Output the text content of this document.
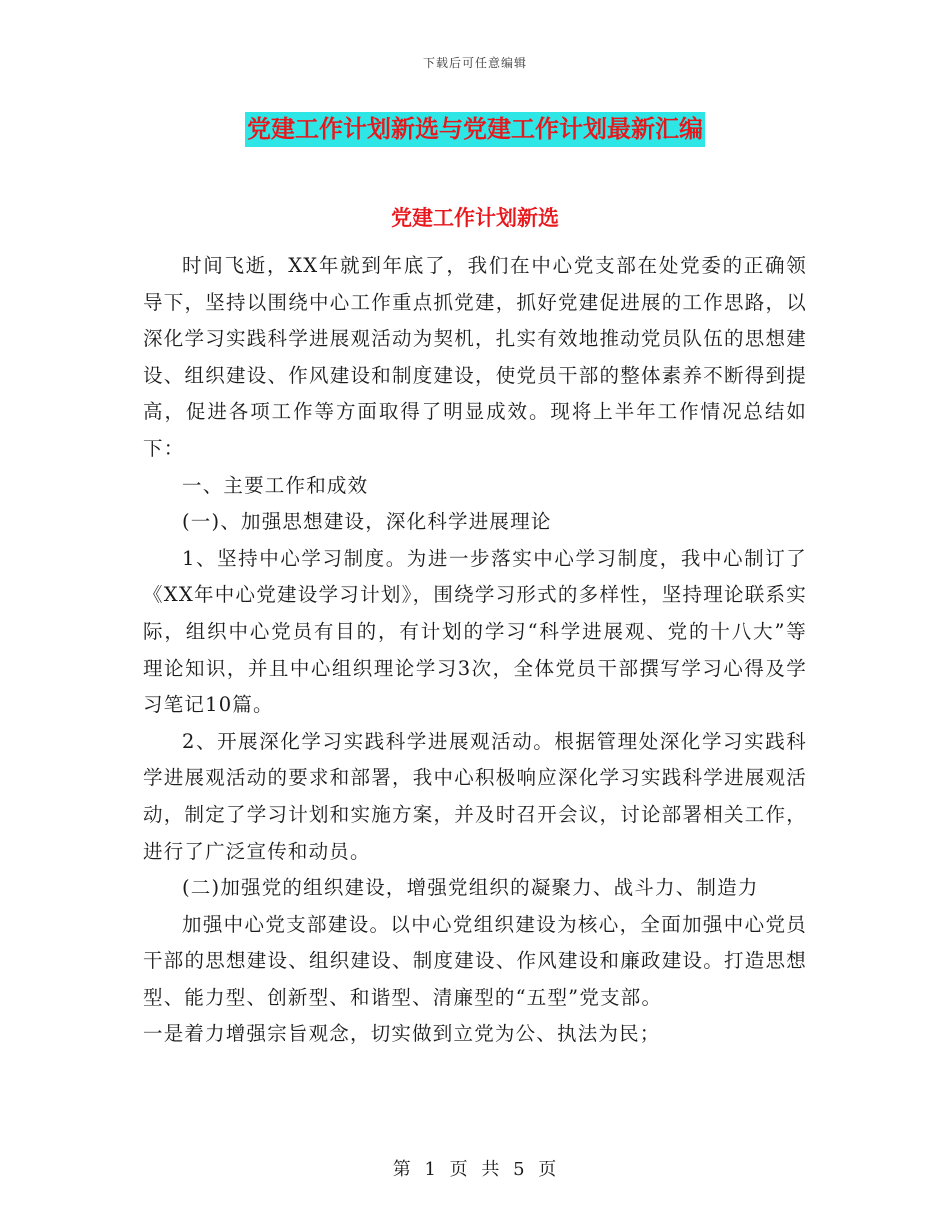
下载后可任意编辑
党建工作计划新选与党建工作计划最新汇编
党建工作计划新选

时间飞逝，XX年就到年底了，我们在中心党支部在处党委的正确领导下，坚持以围绕中心工作重点抓党建，抓好党建促进展的工作思路，以深化学习实践科学进展观活动为契机，扎实有效地推动党员队伍的思想建设、组织建设、作风建设和制度建设，使党员干部的整体素养不断得到提高，促进各项工作等方面取得了明显成效。现将上半年工作情况总结如下：

一、主要工作和成效

(一)、加强思想建设，深化科学进展理论

1、坚持中心学习制度。为进一步落实中心学习制度，我中心制订了《XX年中心党建设学习计划》，围绕学习形式的多样性，坚持理论联系实际，组织中心党员有目的，有计划的学习“科学进展观、党的十八大”等理论知识，并且中心组织理论学习3次，全体党员干部撰写学习心得及学习笔记10篇。

2、开展深化学习实践科学进展观活动。根据管理处深化学习实践科学进展观活动的要求和部署，我中心积极响应深化学习实践科学进展观活动，制定了学习计划和实施方案，并及时召开会议，讨论部署相关工作，进行了广泛宣传和动员。

(二)加强党的组织建设，增强党组织的凝聚力、战斗力、制造力

加强中心党支部建设。以中心党组织建设为核心，全面加强中心党员干部的思想建设、组织建设、制度建设、作风建设和廉政建设。打造思想型、能力型、创新型、和谐型、清廉型的“五型”党支部。

一是着力增强宗旨观念，切实做到立党为公、执法为民；

第 1 页 共 5 页
